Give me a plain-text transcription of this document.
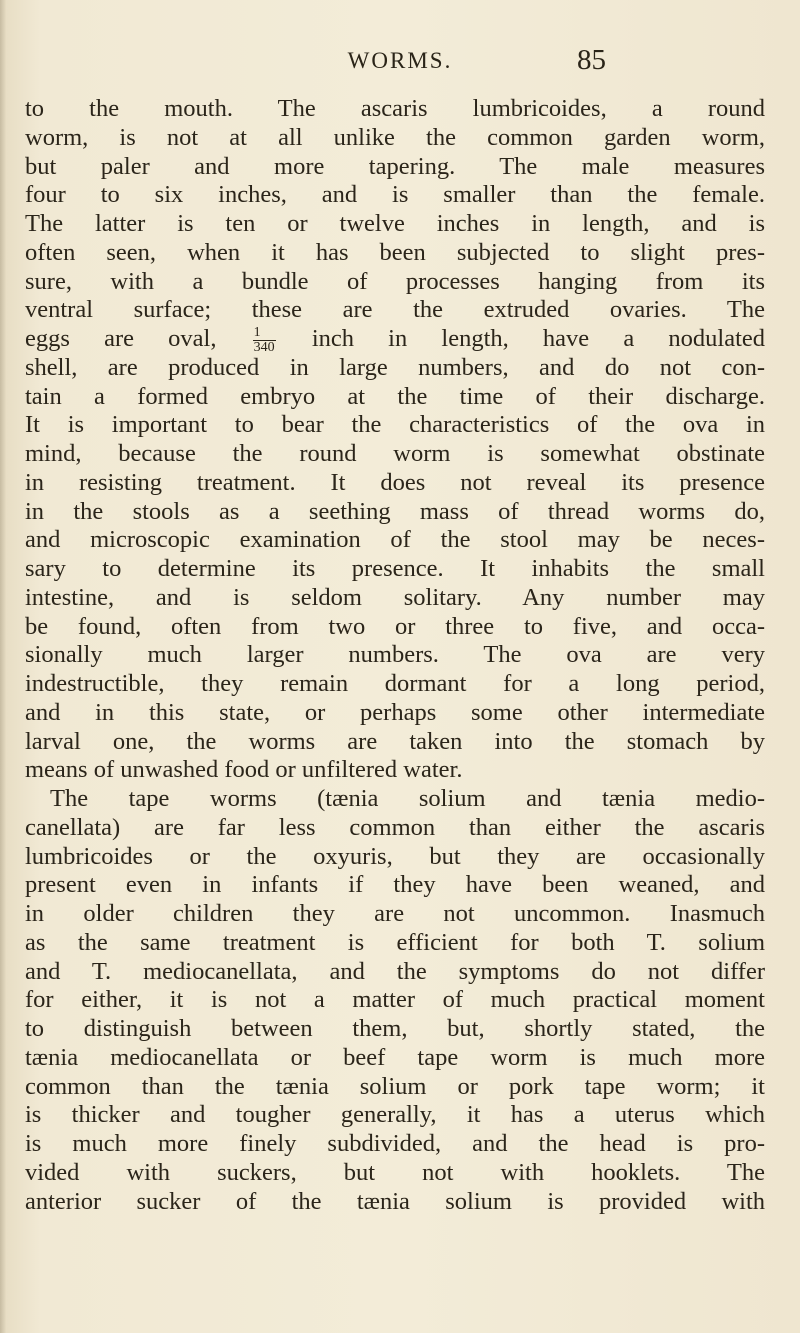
WORMS.	85
to the mouth. The ascaris lumbricoides, a round
worm, is not at all unlike the common garden worm,
but paler and more tapering. The male measures
four to six inches, and is smaller than the female.
The latter is ten or twelve inches in length, and is
often seen, when it has been subjected to slight pres-
sure, with a bundle of processes hanging from its
ventral surface; these are the extruded ovaries. The
eggs are oval,	$\frac{1}{340}$ inch in length, have a nodulated
shell, are produced in large numbers, and do not con-
tain a formed embryo at the time of their discharge.
It is important to bear the characteristics of the ova in
mind, because the round worm is somewhat obstinate
in resisting treatment. It does not reveal its presence
in the stools as a seething mass of thread worms do,
and microscopic examination of the stool may be neces-
sary to determine its presence. It inhabits the small
intestine, and is seldom solitary. Any number may
be found, often from two or three to five, and occa-
sionally much larger numbers. The ova are very
indestructible, they remain dormant for a long period,
and in this state, or perhaps some other intermediate
larval one, the worms are taken into the stomach by
means of unwashed food or unfiltered water.
The tape worms (tænia solium and tænia medio-
canellata) are far less common than either the ascaris
lumbricoides or the oxyuris, but they are occasionally
present even in infants if they have been weaned, and
in older children they are not uncommon. Inasmuch
as the same treatment is efficient for both T. solium
and T. mediocanellata, and the symptoms do not differ
for either, it is not a matter of much practical moment
to distinguish between them, but, shortly stated, the
tænia mediocanellata or beef tape worm is much more
common than the tænia solium or pork tape worm; it
is thicker and tougher generally, it has a uterus which
is much more finely subdivided, and the head is pro-
vided with suckers, but not with hooklets. The
anterior sucker of the tænia solium is provided with
